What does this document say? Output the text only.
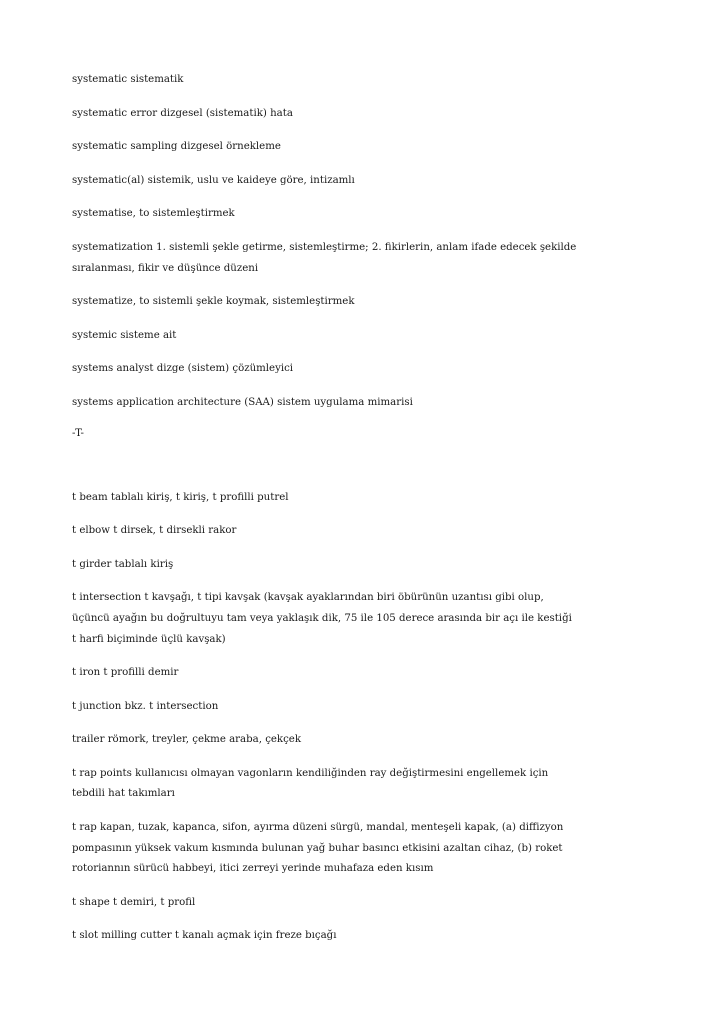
systematic sistematik
systematic error dizgesel (sistematik) hata
systematic sampling dizgesel örnekleme
systematic(al) sistemik, uslu ve kaideye göre, intizamlı
systematise, to sistemleştirmek
systematization 1. sistemli şekle getirme, sistemleştirme; 2. fikirlerin, anlam ifade edecek şekilde
sıralanması, fikir ve düşünce düzeni
systematize, to sistemli şekle koymak, sistemleştirmek
systemic sisteme ait
systems analyst dizge (sistem) çözümleyici
systems application architecture (SAA) sistem uygulama mimarisi
-T-
t beam tablalı kiriş, t kiriş, t profilli putrel
t elbow t dirsek, t dirsekli rakor
t girder tablalı kiriş
t intersection t kavşağı, t tipi kavşak (kavşak ayaklarından biri öbürünün uzantısı gibi olup,
üçüncü ayağın bu doğrultuyu tam veya yaklaşık dik, 75 ile 105 derece arasında bir açı ile kestiği
t harfi biçiminde üçlü kavşak)
t iron t profilli demir
t junction bkz. t intersection
trailer römork, treyler, çekme araba, çekçek
t rap points kullanıcısı olmayan vagonların kendiliğinden ray değiştirmesini engellemek için
tebdili hat takımları
t rap kapan, tuzak, kapanca, sifon, ayırma düzeni sürgü, mandal, menteşeli kapak, (a) diffizyon
pompasının yüksek vakum kısmında bulunan yağ buhar basıncı etkisini azaltan cihaz, (b) roket
rotoriannın sürücü habbeyi, itici zerreyi yerinde muhafaza eden kısım
t shape t demiri, t profil
t slot milling cutter t kanalı açmak için freze bıçağı
